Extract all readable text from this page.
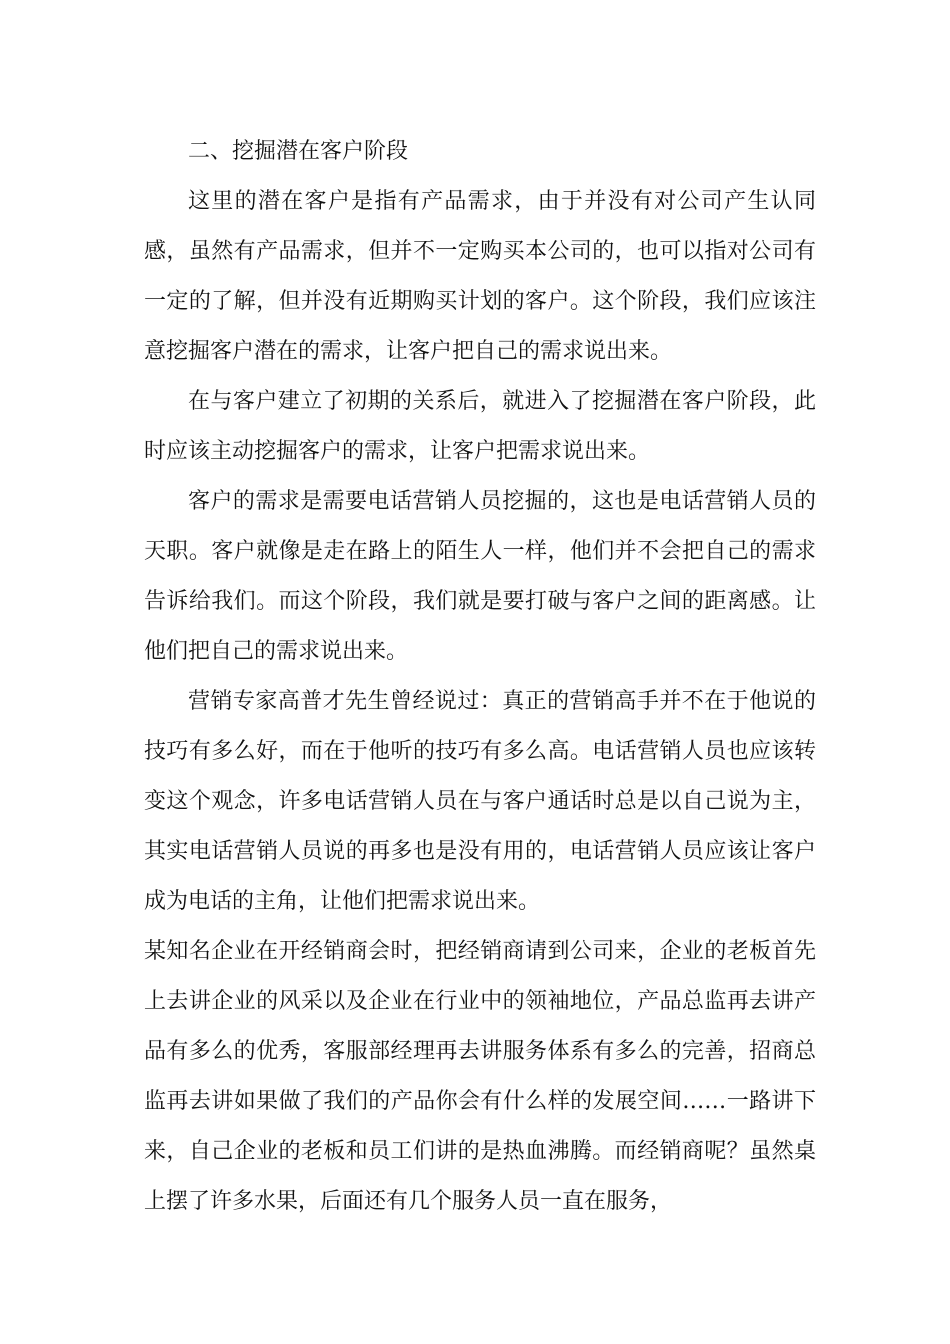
二、挖掘潜在客户阶段

这里的潜在客户是指有产品需求，由于并没有对公司产生认同感，虽然有产品需求，但并不一定购买本公司的，也可以指对公司有一定的了解，但并没有近期购买计划的客户。这个阶段，我们应该注意挖掘客户潜在的需求，让客户把自己的需求说出来。

在与客户建立了初期的关系后，就进入了挖掘潜在客户阶段，此时应该主动挖掘客户的需求，让客户把需求说出来。

客户的需求是需要电话营销人员挖掘的，这也是电话营销人员的天职。客户就像是走在路上的陌生人一样，他们并不会把自己的需求告诉给我们。而这个阶段，我们就是要打破与客户之间的距离感。让他们把自己的需求说出来。

营销专家高普才先生曾经说过：真正的营销高手并不在于他说的技巧有多么好，而在于他听的技巧有多么高。电话营销人员也应该转变这个观念，许多电话营销人员在与客户通话时总是以自己说为主，其实电话营销人员说的再多也是没有用的，电话营销人员应该让客户成为电话的主角，让他们把需求说出来。

某知名企业在开经销商会时，把经销商请到公司来，企业的老板首先上去讲企业的风采以及企业在行业中的领袖地位，产品总监再去讲产品有多么的优秀，客服部经理再去讲服务体系有多么的完善，招商总监再去讲如果做了我们的产品你会有什么样的发展空间……一路讲下来，自己企业的老板和员工们讲的是热血沸腾。而经销商呢？虽然桌上摆了许多水果，后面还有几个服务人员一直在服务，
